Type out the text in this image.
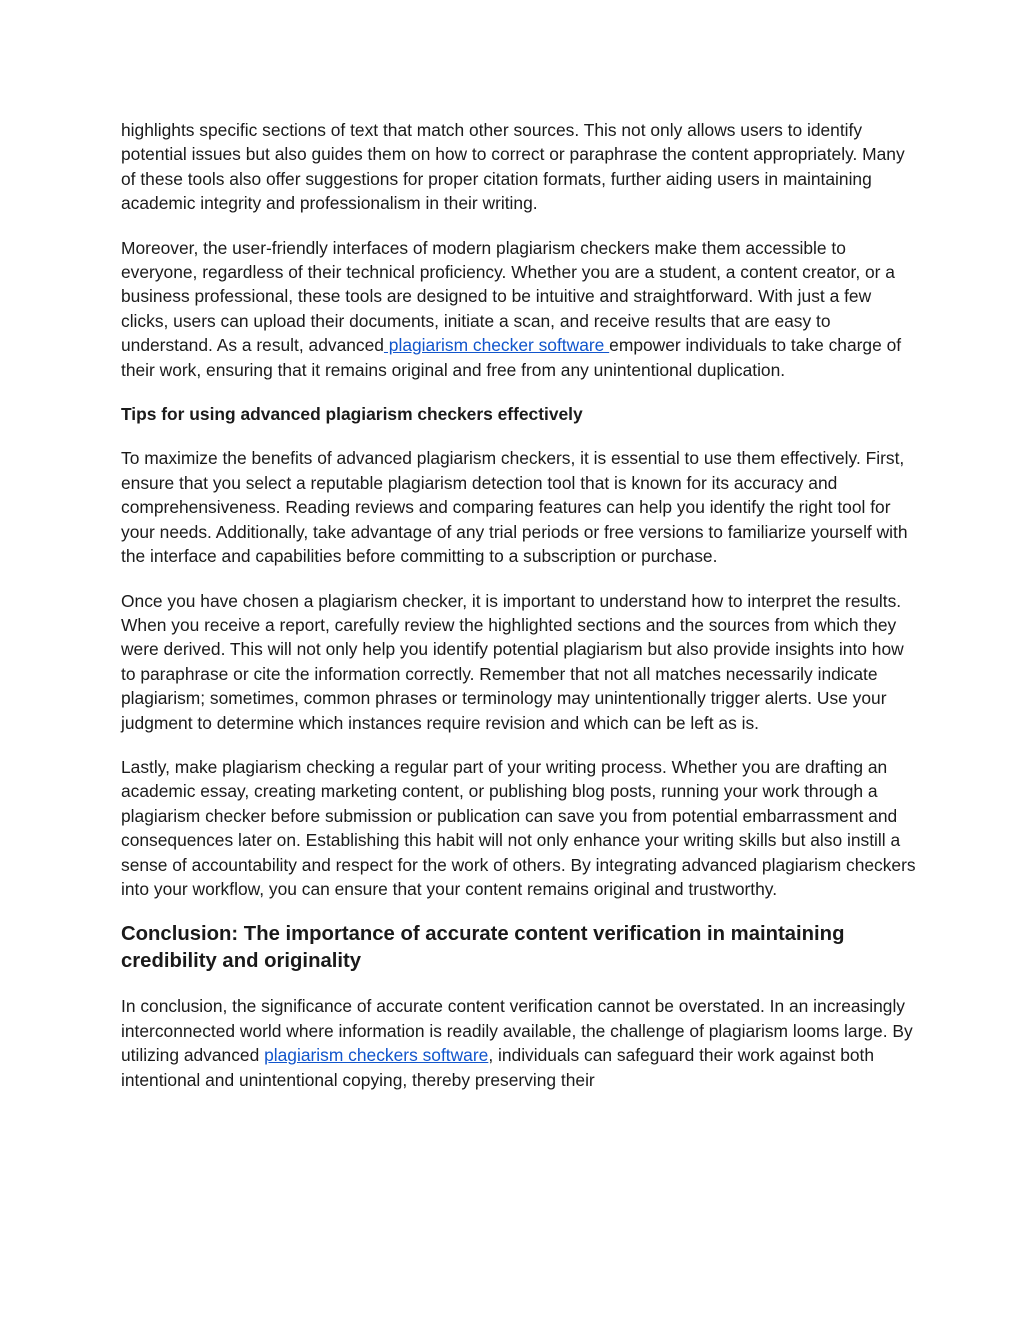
highlights specific sections of text that match other sources. This not only allows users to identify potential issues but also guides them on how to correct or paraphrase the content appropriately. Many of these tools also offer suggestions for proper citation formats, further aiding users in maintaining academic integrity and professionalism in their writing.

Moreover, the user-friendly interfaces of modern plagiarism checkers make them accessible to everyone, regardless of their technical proficiency. Whether you are a student, a content creator, or a business professional, these tools are designed to be intuitive and straightforward. With just a few clicks, users can upload their documents, initiate a scan, and receive results that are easy to understand. As a result, advanced plagiarism checker software empower individuals to take charge of their work, ensuring that it remains original and free from any unintentional duplication.

Tips for using advanced plagiarism checkers effectively

To maximize the benefits of advanced plagiarism checkers, it is essential to use them effectively. First, ensure that you select a reputable plagiarism detection tool that is known for its accuracy and comprehensiveness. Reading reviews and comparing features can help you identify the right tool for your needs. Additionally, take advantage of any trial periods or free versions to familiarize yourself with the interface and capabilities before committing to a subscription or purchase.

Once you have chosen a plagiarism checker, it is important to understand how to interpret the results. When you receive a report, carefully review the highlighted sections and the sources from which they were derived. This will not only help you identify potential plagiarism but also provide insights into how to paraphrase or cite the information correctly. Remember that not all matches necessarily indicate plagiarism; sometimes, common phrases or terminology may unintentionally trigger alerts. Use your judgment to determine which instances require revision and which can be left as is.

Lastly, make plagiarism checking a regular part of your writing process. Whether you are drafting an academic essay, creating marketing content, or publishing blog posts, running your work through a plagiarism checker before submission or publication can save you from potential embarrassment and consequences later on. Establishing this habit will not only enhance your writing skills but also instill a sense of accountability and respect for the work of others. By integrating advanced plagiarism checkers into your workflow, you can ensure that your content remains original and trustworthy.

Conclusion: The importance of accurate content verification in maintaining credibility and originality

In conclusion, the significance of accurate content verification cannot be overstated. In an increasingly interconnected world where information is readily available, the challenge of plagiarism looms large. By utilizing advanced plagiarism checkers software, individuals can safeguard their work against both intentional and unintentional copying, thereby preserving their
